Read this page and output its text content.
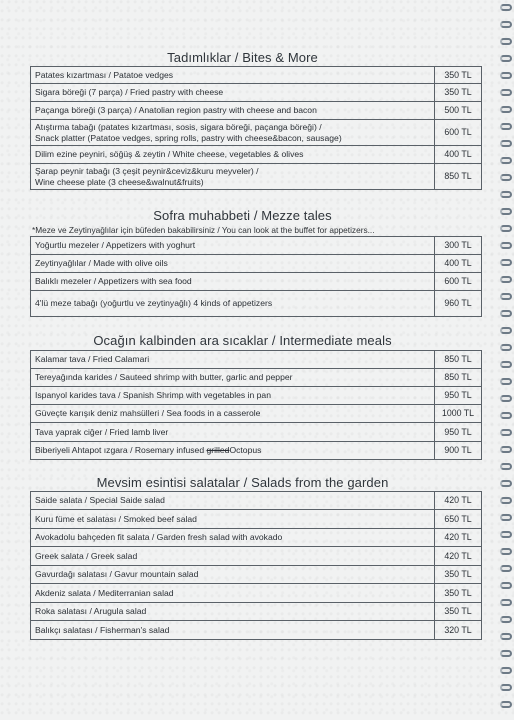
Tadımlıklar / Bites & More
Patates kızartması / Patatoe vedges	350 TL
Sigara böreği (7 parça) / Fried pastry with cheese	350 TL
Paçanga böreği (3 parça) / Anatolian region pastry with cheese and bacon	500 TL

Atıştırma tabağı (patates kızartması, sosis, sigara böreği, paçanga böreği) /
Snack platter (Patatoe vedges, spring rolls, pastry with cheese&bacon, sausage)	600 TL
Dilim ezine peyniri, söğüş & zeytin / White cheese, vegetables & olives	400 TL

Şarap peynir tabağı (3 çeşit peynir&ceviz&kuru meyveler) /
Wine cheese plate (3 cheese&walnut&fruits)	850 TL
Sofra muhabbeti / Mezze tales
*Meze ve Zeytinyağlılar için büfeden bakabilirsiniz / You can look at the buffet for appetizers...
Yoğurtlu mezeler / Appetizers with yoghurt	300 TL
Zeytinyağlılar / Made with olive oils	400 TL
Balıklı mezeler / Appetizers with sea food	600 TL
4'lü meze tabağı (yoğurtlu ve zeytinyağlı) 4 kinds of appetizers	960 TL
Ocağın kalbinden ara sıcaklar / Intermediate meals
Kalamar tava / Fried Calamari	850 TL
Tereyağında karides / Sauteed shrimp with butter, garlic and pepper	850 TL
Ispanyol karides tava / Spanish Shrimp with vegetables in pan	950 TL
Güveçte karışık deniz mahsülleri / Sea foods in a casserole	1000 TL
Tava yaprak ciğer / Fried lamb liver	950 TL
Biberiyeli Ahtapot ızgara / Rosemary infused grilledOctopus	900 TL
Mevsim esintisi salatalar / Salads from the garden
Saide salata / Special Saide salad	420 TL
Kuru füme et salatası / Smoked beef salad	650 TL
Avokadolu bahçeden fit salata / Garden fresh salad with avokado	420 TL
Greek salata / Greek salad	420 TL
Gavurdağı salatası / Gavur mountain salad	350 TL
Akdeniz salata / Mediterranian salad	350 TL
Roka salatası / Arugula salad	350 TL
Balıkçı salatası / Fisherman's salad	320 TL
